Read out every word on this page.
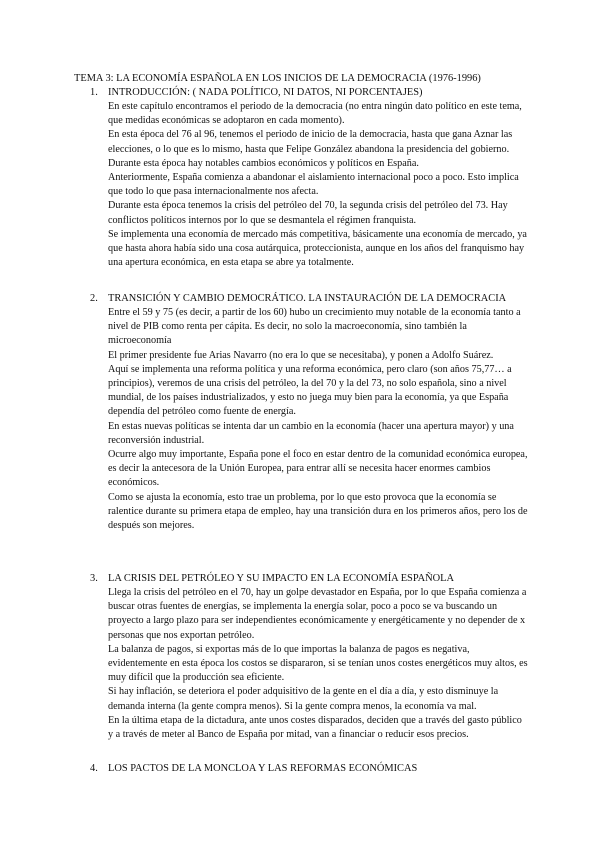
TEMA 3: LA ECONOMÍA ESPAÑOLA EN LOS INICIOS DE LA DEMOCRACIA (1976-1996)
1. INTRODUCCIÓN: ( NADA POLÍTICO, NI DATOS, NI PORCENTAJES)

En este capítulo encontramos el periodo de la democracia (no entra ningún dato político en este tema, que medidas económicas se adoptaron en cada momento).

En esta época del 76 al 96, tenemos el periodo de inicio de la democracia, hasta que gana Aznar las elecciones, o lo que es lo mismo, hasta que Felipe González abandona la presidencia del gobierno.

Durante esta época hay notables cambios económicos y políticos en España.

Anteriormente, España comienza a abandonar el aislamiento internacional poco a poco. Esto implica que todo lo que pasa internacionalmente nos afecta.

Durante esta época tenemos la crisis del petróleo del 70, la segunda crisis del petróleo del 73. Hay conflictos políticos internos por lo que se desmantela el régimen franquista.

Se implementa una economía de mercado más competitiva, básicamente una economía de mercado, ya que hasta ahora había sido una cosa autárquica, proteccionista, aunque en los años del franquismo hay una apertura económica, en esta etapa se abre ya totalmente.

2. TRANSICIÓN Y CAMBIO DEMOCRÁTICO. LA INSTAURACIÓN DE LA DEMOCRACIA

Entre el 59 y 75 (es decir, a partir de los 60) hubo un crecimiento muy notable de la economía tanto a nivel de PIB como renta per cápita. Es decir, no solo la macroeconomía, sino también la microeconomía

El primer presidente fue Arias Navarro (no era lo que se necesitaba), y ponen a Adolfo Suárez.

Aquí se implementa una reforma política y una reforma económica, pero claro (son años 75,77… a principios), veremos de una crisis del petróleo, la del 70 y la del 73, no solo española, sino a nivel mundial, de los países industrializados, y esto no juega muy bien para la economía, ya que España dependía del petróleo como fuente de energía.

En estas nuevas políticas se intenta dar un cambio en la economía (hacer una apertura mayor) y una reconversión industrial.

Ocurre algo muy importante, España pone el foco en estar dentro de la comunidad económica europea, es decir la antecesora de la Unión Europea, para entrar allí se necesita hacer enormes cambios económicos.

Como se ajusta la economía, esto trae un problema, por lo que esto provoca que la economía se ralentice durante su primera etapa de empleo, hay una transición dura en los primeros años, pero los de después son mejores.

3. LA CRISIS DEL PETRÓLEO Y SU IMPACTO EN LA ECONOMÍA ESPAÑOLA

Llega la crisis del petróleo en el 70, hay un golpe devastador en España, por lo que España comienza a buscar otras fuentes de energías, se implementa la energía solar, poco a poco se va buscando un proyecto a largo plazo para ser independientes económicamente y energéticamente y no depender de x personas que nos exportan petróleo.

La balanza de pagos, si exportas más de lo que importas la balanza de pagos es negativa, evidentemente en esta época los costos se dispararon, si se tenían unos costes energéticos muy altos, es muy difícil que la producción sea eficiente.

Si hay inflación, se deteriora el poder adquisitivo de la gente en el día a día, y esto disminuye la demanda interna (la gente compra menos). Si la gente compra menos, la economía va mal.

En la última etapa de la dictadura, ante unos costes disparados, deciden que a través del gasto público y a través de meter al Banco de España por mitad, van a financiar o reducir esos precios.

4. LOS PACTOS DE LA MONCLOA Y LAS REFORMAS ECONÓMICAS
